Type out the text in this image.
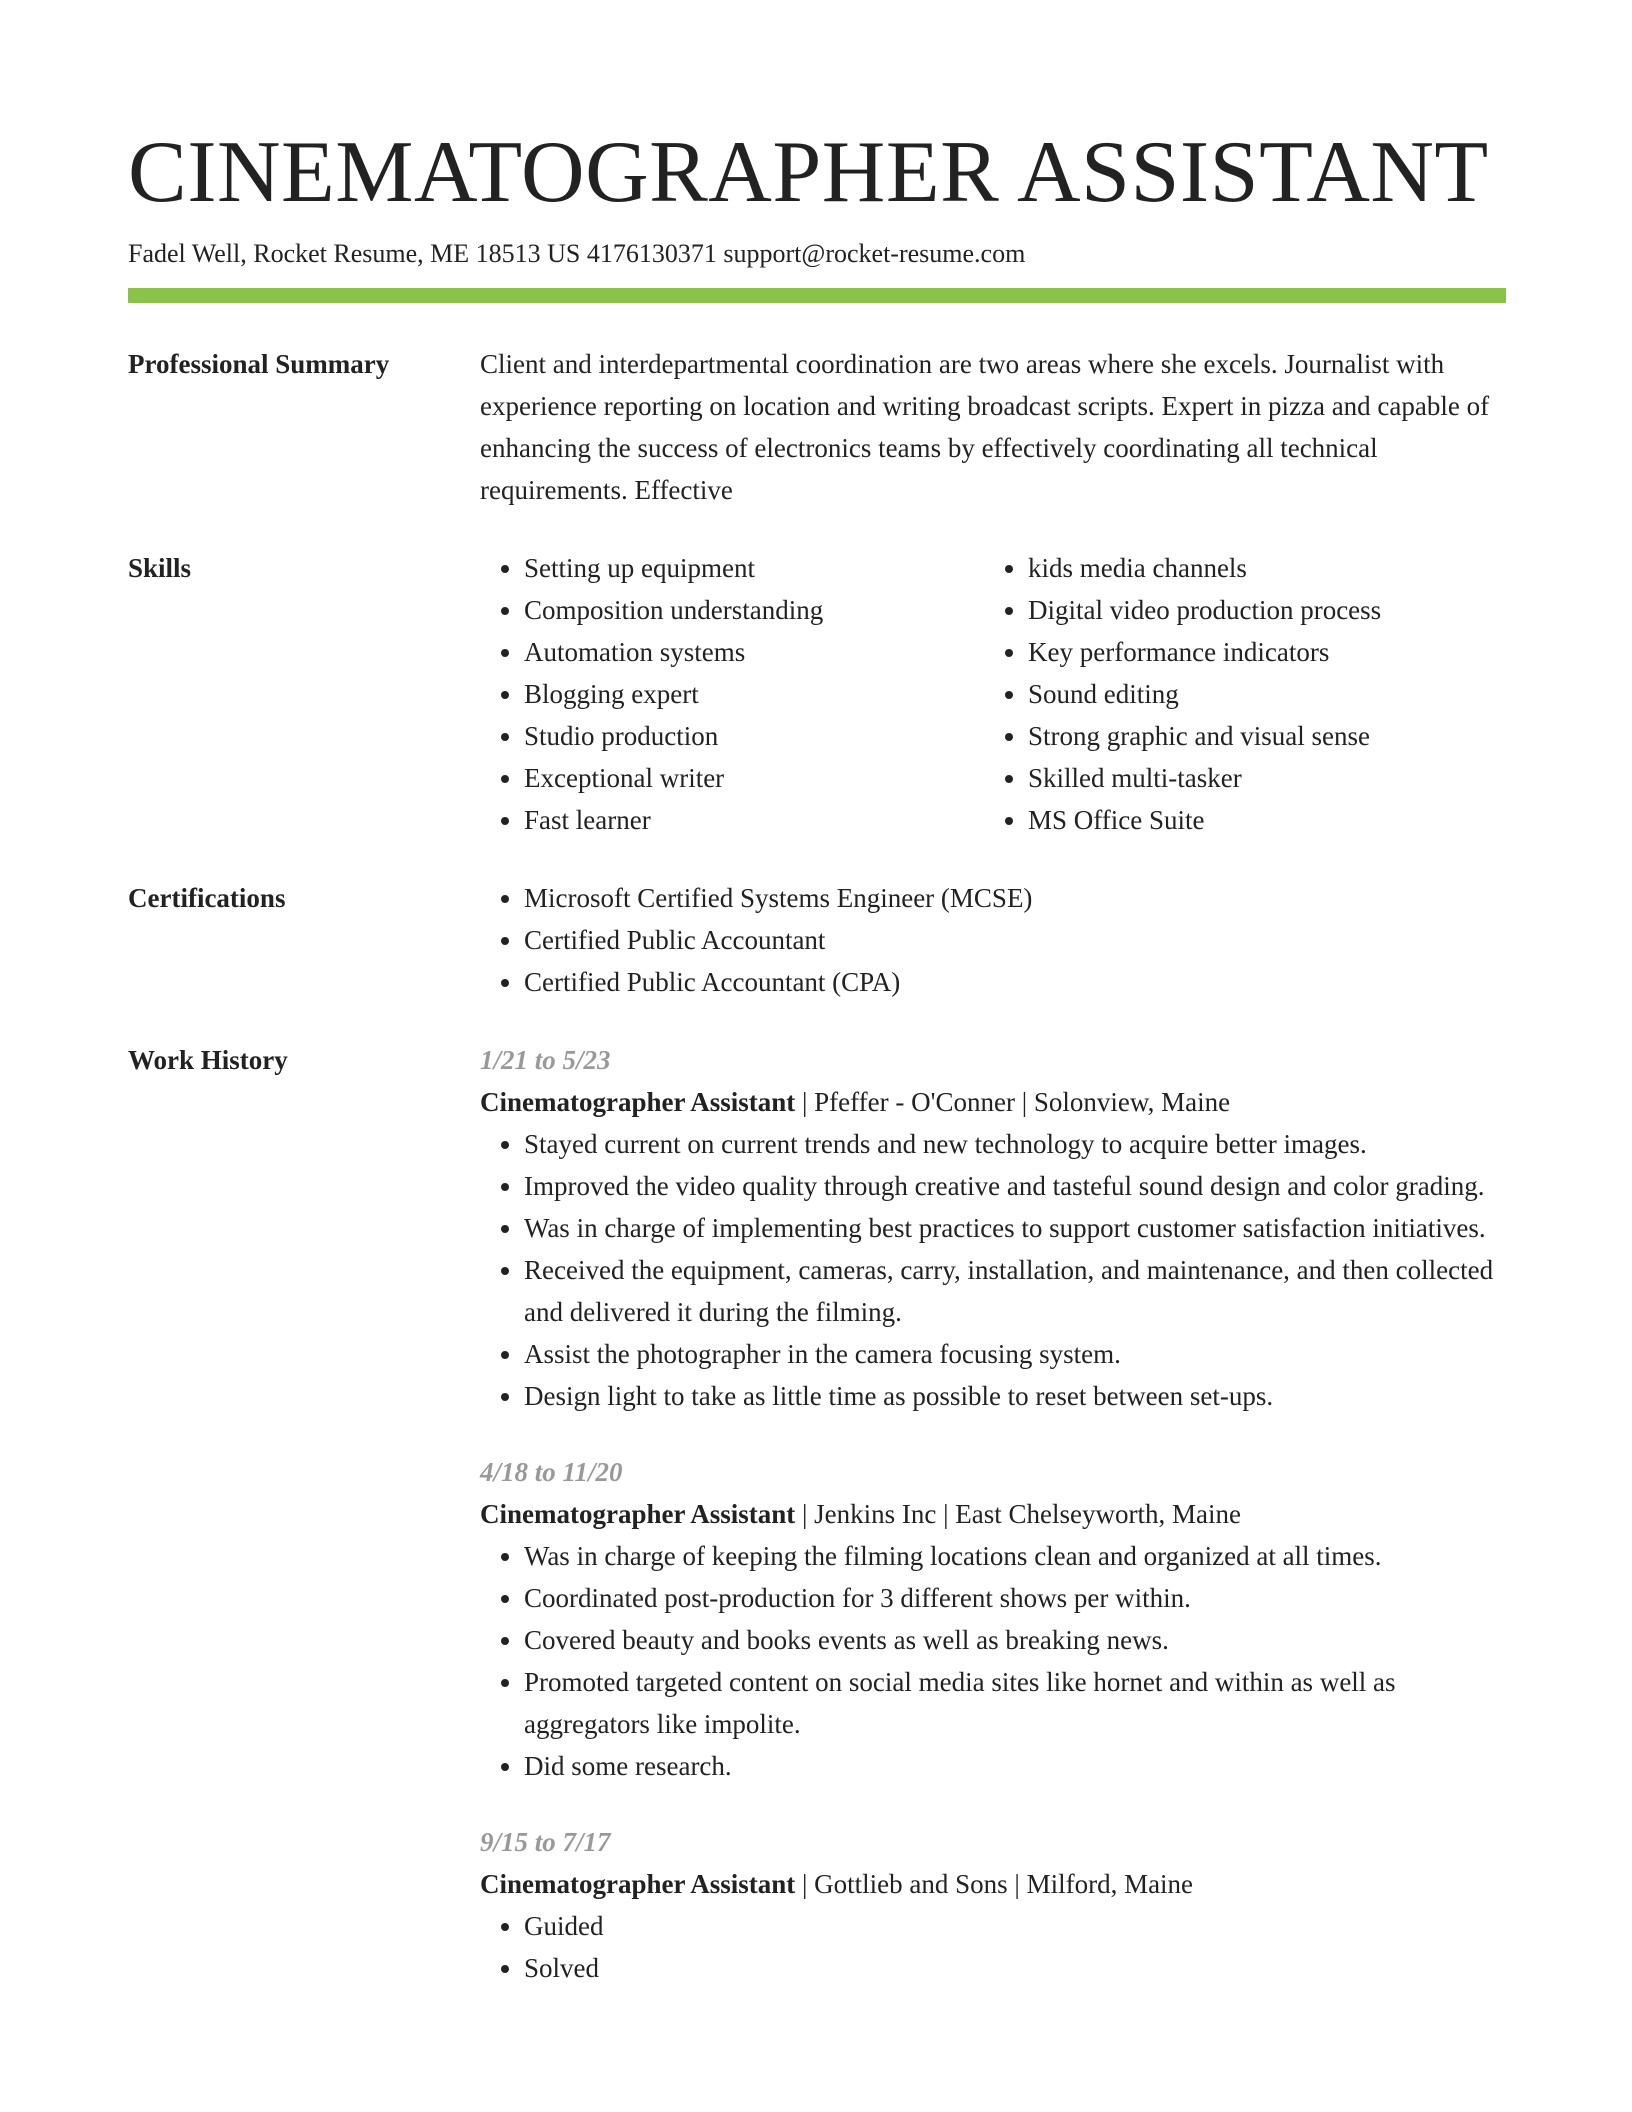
CINEMATOGRAPHER ASSISTANT
Fadel Well, Rocket Resume, ME 18513 US 4176130371 support@rocket-resume.com
Professional Summary	Client and interdepartmental coordination are two areas where she excels. Journalist with experience reporting on location and writing broadcast scripts. Expert in pizza and capable of enhancing the success of electronics teams by effectively coordinating all technical requirements. Effective

Skills	• Setting up equipment
• Composition understanding
• Automation systems
• Blogging expert
• Studio production
• Exceptional writer
• Fast learner
• kids media channels
• Digital video production process
• Key performance indicators
• Sound editing
• Strong graphic and visual sense
• Skilled multi-tasker
• MS Office Suite
Certifications	• Microsoft Certified Systems Engineer (MCSE)
• Certified Public Accountant
• Certified Public Accountant (CPA)
Work History	1/21 to 5/23
Cinematographer Assistant | Pfeffer - O'Conner | Solonview, Maine
• Stayed current on current trends and new technology to acquire better images.
• Improved the video quality through creative and tasteful sound design and color grading.
• Was in charge of implementing best practices to support customer satisfaction initiatives.
• Received the equipment, cameras, carry, installation, and maintenance, and then collected and delivered it during the filming.
• Assist the photographer in the camera focusing system.
• Design light to take as little time as possible to reset between set-ups.
4/18 to 11/20
Cinematographer Assistant | Jenkins Inc | East Chelseyworth, Maine
• Was in charge of keeping the filming locations clean and organized at all times.
• Coordinated post-production for 3 different shows per within.
• Covered beauty and books events as well as breaking news.
• Promoted targeted content on social media sites like hornet and within as well as aggregators like impolite.
• Did some research.
9/15 to 7/17
Cinematographer Assistant | Gottlieb and Sons | Milford, Maine
• Guided
• Solved
